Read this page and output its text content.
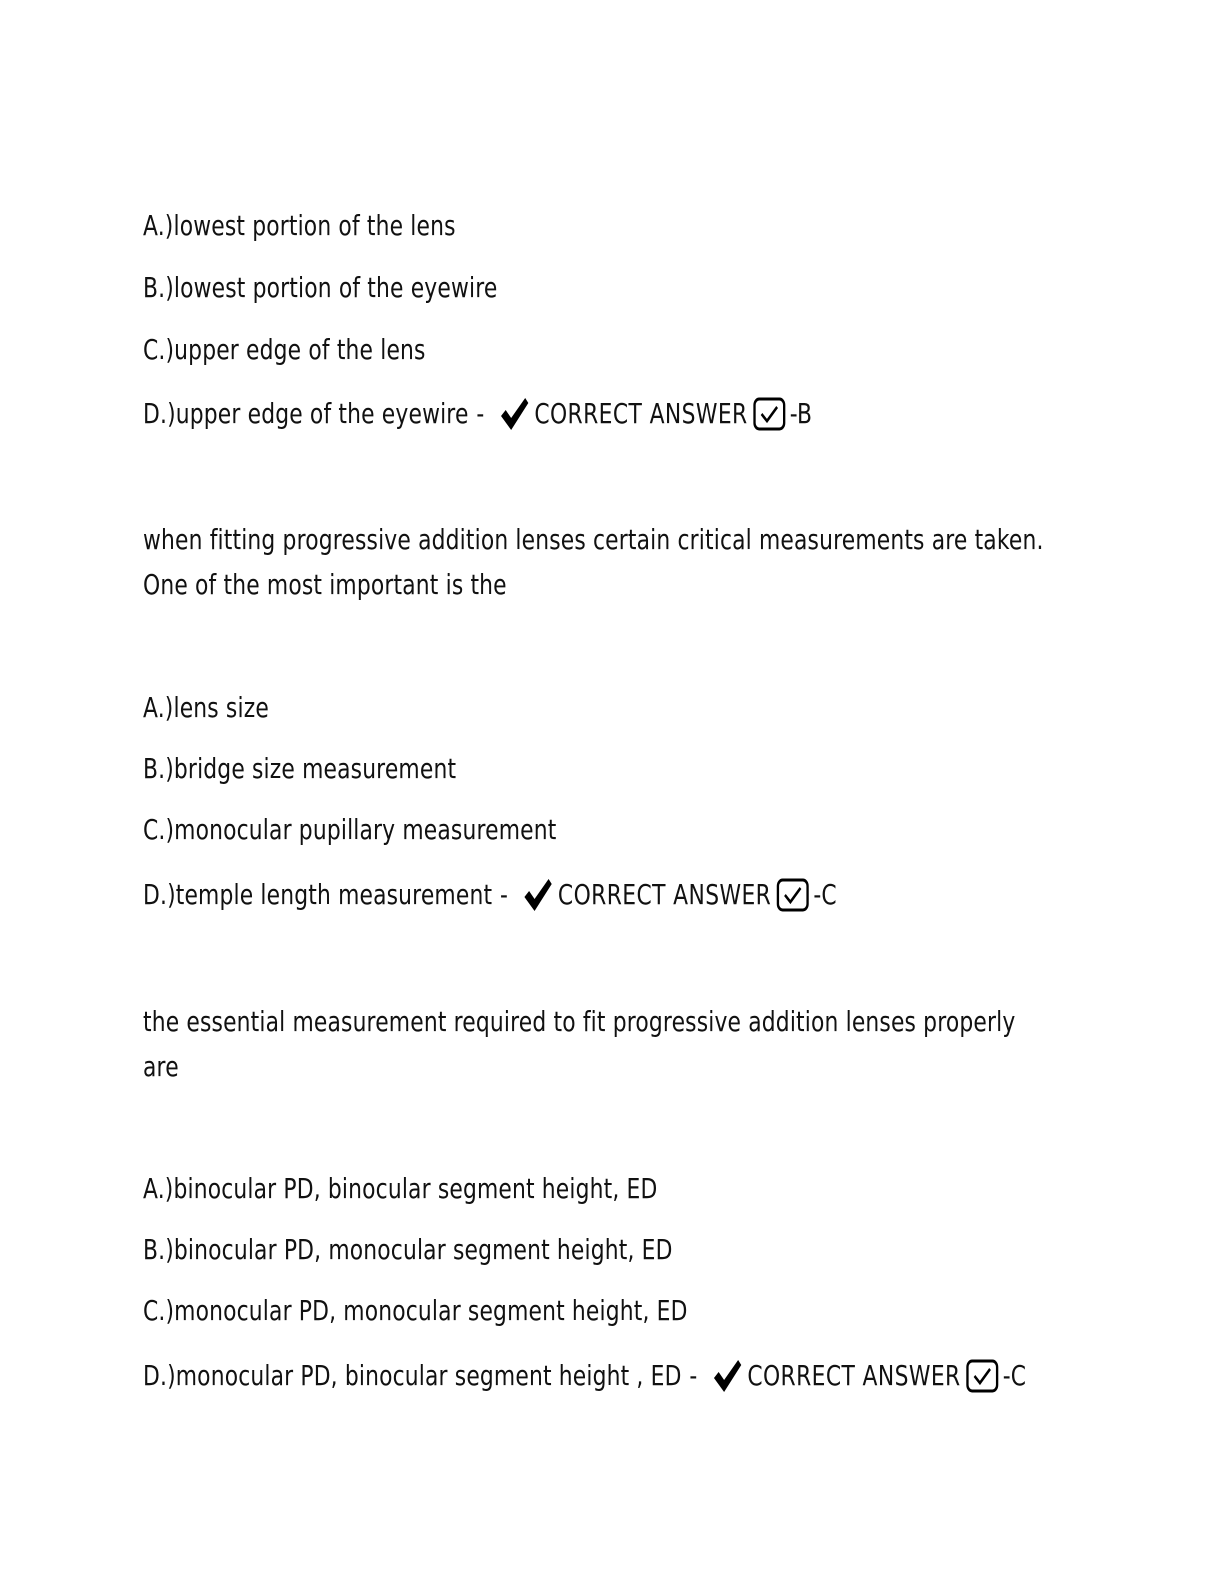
A.)lowest portion of the lens
B.)lowest portion of the eyewire
C.)upper edge of the lens
D.)upper edge of the eyewire - CORRECT ANSWER -B
when fitting progressive addition lenses certain critical measurements are taken.
One of the most important is the
A.)lens size
B.)bridge size measurement
C.)monocular pupillary measurement
D.)temple length measurement - CORRECT ANSWER -C
the essential measurement required to fit progressive addition lenses properly
are
A.)binocular PD, binocular segment height, ED
B.)binocular PD, monocular segment height, ED
C.)monocular PD, monocular segment height, ED
D.)monocular PD, binocular segment height , ED - CORRECT ANSWER -C
